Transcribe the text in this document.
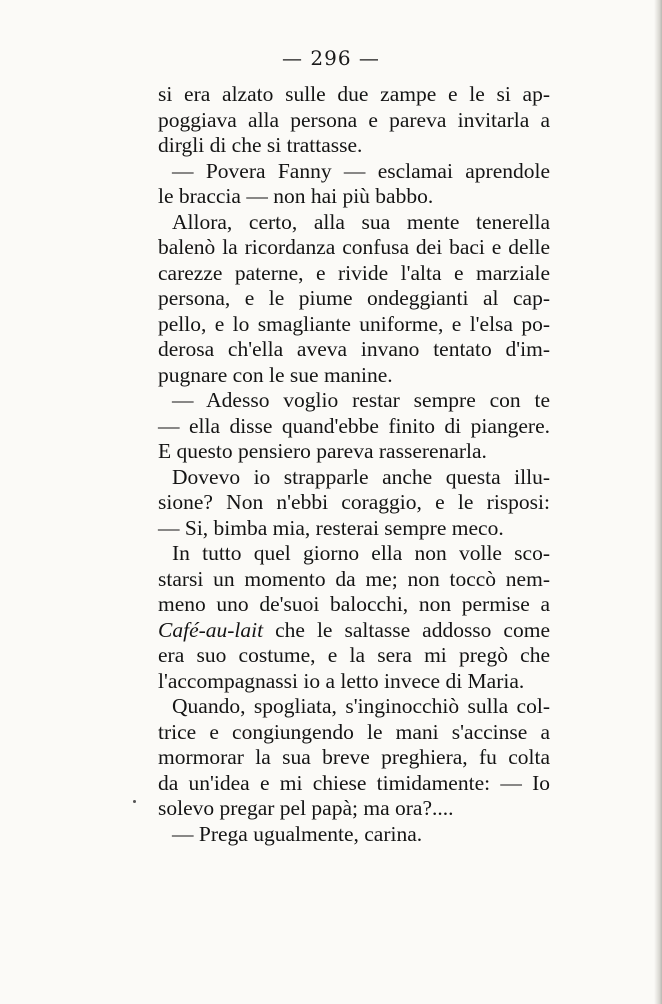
— 296 —
si era alzato sulle due zampe e le si ap-
poggiava alla persona e pareva invitarla a
dirgli di che si trattasse.
— Povera Fanny — esclamai aprendole
le braccia — non hai più babbo.
Allora, certo, alla sua mente tenerella
balenò la ricordanza confusa dei baci e delle
carezze paterne, e rivide l'alta e marziale
persona, e le piume ondeggianti al cap-
pello, e lo smagliante uniforme, e l'elsa po-
derosa ch'ella aveva invano tentato d'im-
pugnare con le sue manine.
— Adesso voglio restar sempre con te
— ella disse quand'ebbe finito di piangere.
E questo pensiero pareva rasserenarla.
Dovevo io strapparle anche questa illu-
sione? Non n'ebbi coraggio, e le risposi:
— Si, bimba mia, resterai sempre meco.
In tutto quel giorno ella non volle sco-
starsi un momento da me; non toccò nem-
meno uno de'suoi balocchi, non permise a
Café-au-lait che le saltasse addosso come
era suo costume, e la sera mi pregò che
l'accompagnassi io a letto invece di Maria.
Quando, spogliata, s'inginocchiò sulla col-
trice e congiungendo le mani s'accinse a
mormorar la sua breve preghiera, fu colta
da un'idea e mi chiese timidamente: — Io
solevo pregar pel papà; ma ora?....
— Prega ugualmente, carina.
